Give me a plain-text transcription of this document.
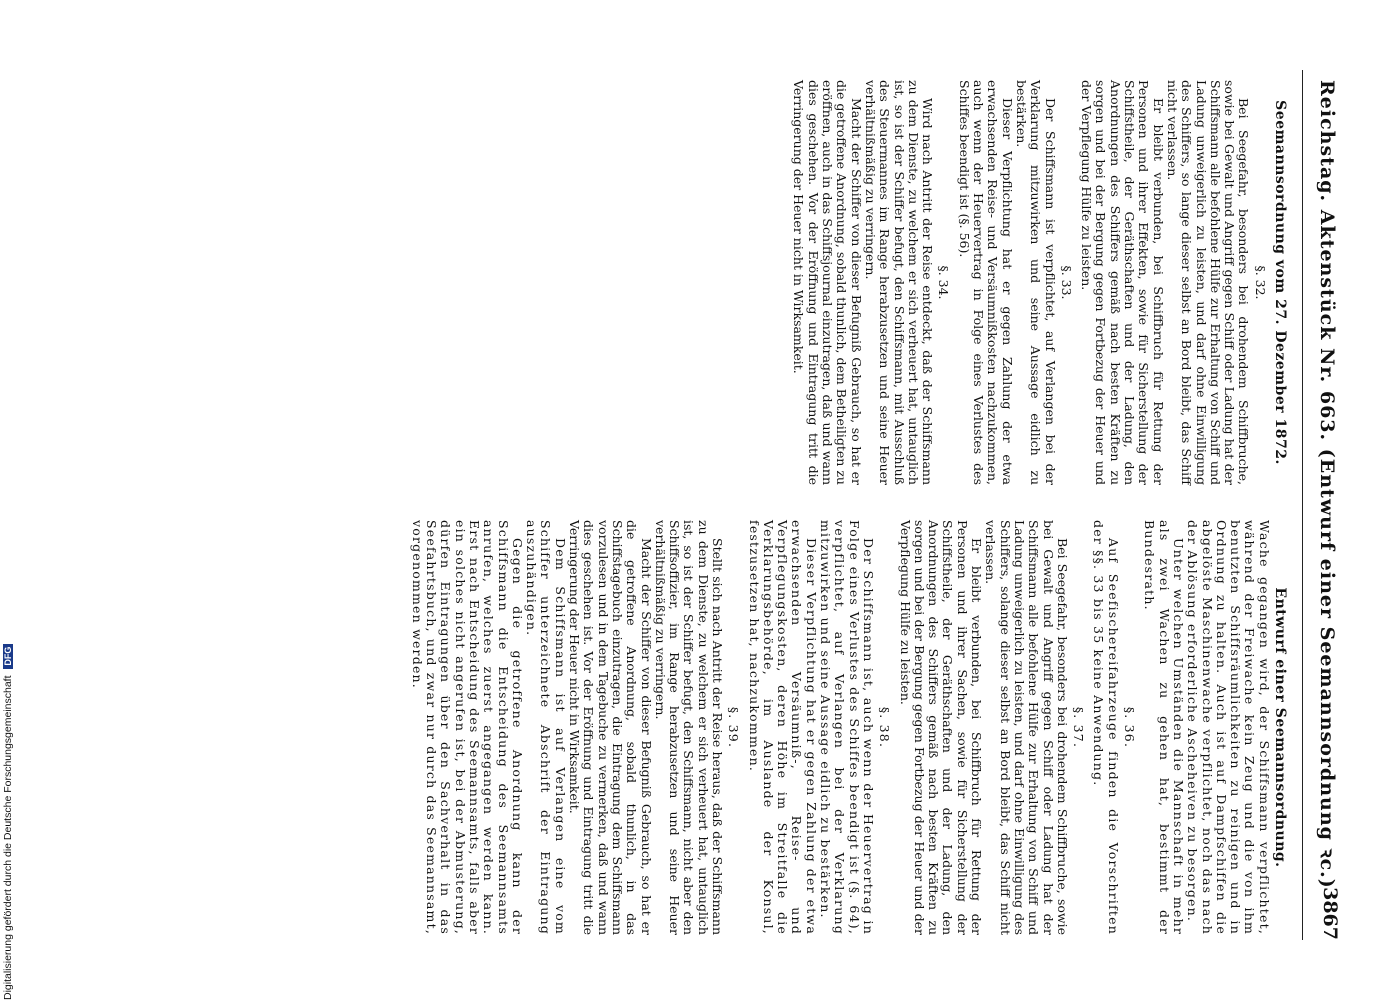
Reichstag. Aktenstück Nr. 663. (Entwurf einer Seemannsordnung ꝛc.)
3867
Seemannsordnung vom 27. Dezember 1872.
§. 32.

Bei Seegefahr, besonders bei drohendem Schiffbruche, sowie bei Gewalt und Angriff gegen Schiff oder Ladung hat der Schiffsmann alle befohlene Hülfe zur Erhaltung von Schiff und Ladung unweigerlich zu leisten, und darf ohne Einwilligung des Schiffers, so lange dieser selbst an Bord bleibt, das Schiff nicht verlassen.

Er bleibt verbunden, bei Schiffbruch für Rettung der Personen und ihrer Effekten, sowie für Sicherstellung der Schiffstheile, der Geräthschaften und der Ladung, den Anordnungen des Schiffers gemäß nach besten Kräften zu sorgen und bei der Bergung gegen Fortbezug der Heuer und der Verpflegung Hülfe zu leisten.

§. 33.

Der Schiffsmann ist verpflichtet, auf Verlangen bei der Verklarung mitzuwirken und seine Aussage eidlich zu bestärken.

Dieser Verpflichtung hat er gegen Zahlung der etwa erwachsenden Reise- und Versäumnißkosten nachzukommen, auch wenn der Heuervertrag in Folge eines Verlustes des Schiffes beendigt ist (§. 56).

§. 34.

Wird nach Antritt der Reise entdeckt, daß der Schiffsmann zu dem Dienste, zu welchem er sich verheuert hat, untauglich ist, so ist der Schiffer befugt, den Schiffsmann, mit Ausschluß des Steuermannes im Range herabzusetzen und seine Heuer verhältnißmäßig zu verringern.

Macht der Schiffer von dieser Befugniß Gebrauch, so hat er die getroffene Anordnung, sobald thunlich, dem Betheiligten zu eröffnen, auch in das Schiffsjournal einzutragen, daß und wann dies geschehen. Vor der Eröffnung und Eintragung tritt die Verringerung der Heuer nicht in Wirksamkeit.

Entwurf einer Seemannsordnung.

Wache gegangen wird, der Schiffsmann verpflichtet, während der Freiwache kein Zeug und die von ihm benutzten Schiffsräumlichkeiten zu reinigen und in Ordnung zu halten. Auch ist auf Dampfschiffen die abgelöste Maschinenwache verpflichtet, noch das nach der Ablösung erforderliche Ascheheiven zu besorgen.

Unter welchen Umständen die Mannschaft in mehr als zwei Wachen zu gehen hat, bestimmt der Bundesrath.

§. 36.

Auf Seefischereifahrzeuge finden die Vorschriften der §§. 33 bis 35 keine Anwendung.

§. 37.

Bei Seegefahr, besonders bei drohendem Schiffbruche, sowie bei Gewalt und Angriff gegen Schiff oder Ladung hat der Schiffsmann alle befohlene Hülfe zur Erhaltung von Schiff und Ladung unweigerlich zu leisten, und darf ohne Einwilligung des Schiffers, solange dieser selbst an Bord bleibt, das Schiff nicht verlassen.

Er bleibt verbunden, bei Schiffbruch für Rettung der Personen und ihrer Sachen, sowie für Sicherstellung der Schiffstheile, der Geräthschaften und der Ladung, den Anordnungen des Schiffers gemäß nach besten Kräften zu sorgen und bei der Bergung gegen Fortbezug der Heuer und der Verpflegung Hülfe zu leisten.

§. 38.

Der Schiffsmann ist, auch wenn der Heuervertrag in Folge eines Verlustes des Schiffes beendigt ist (§. 64), verpflichtet, auf Verlangen bei der Verklarung mitzuwirken und seine Aussage eidlich zu bestärken.

Dieser Verpflichtung hat er gegen Zahlung der etwa erwachsenden Versäumniß-, Reise- und Verpflegungskosten, deren Höhe im Streitfalle die Verklarungsbehörde, im Auslande der Konsul, festzusetzen hat, nachzukommen.

§. 39.

Stellt sich nach Antritt der Reise heraus, daß der Schiffsmann zu dem Dienste, zu welchem er sich verheuert hat, untauglich ist, so ist der Schiffer befugt, den Schiffsmann, nicht aber den Schiffsoffizier, im Range herabzusetzen und seine Heuer verhältnißmäßig zu verringern.

Macht der Schiffer von dieser Befugniß Gebrauch, so hat er die getroffene Anordnung, sobald thunlich, in das Schiffstagebuch einzutragen, die Eintragung dem Schiffsmann vorzulesen und in dem Tagebuche zu vermerken, daß und wann dies geschehen ist. Vor der Eröffnung und Eintragung tritt die Verringerung der Heuer nicht in Wirksamkeit.

Dem Schiffsmann ist auf Verlangen eine vom Schiffer unterzeichnete Abschrift der Eintragung auszuhändigen.

Gegen die getroffene Anordnung kann der Schiffsmann die Entscheidung des Seemannsamts anrufen, welches zuerst angegangen werden kann. Erst nach Entscheidung des Seemannsamts, falls aber ein solches nicht angerufen ist, bei der Abmusterung, dürfen Eintragungen über den Sachverhalt in das Seefahrtsbuch, und zwar nur durch das Seemannsamt, vorgenommen werden.

Digitalisierung gefördert durch die Deutsche Forschungsgemeinschaft DFG
